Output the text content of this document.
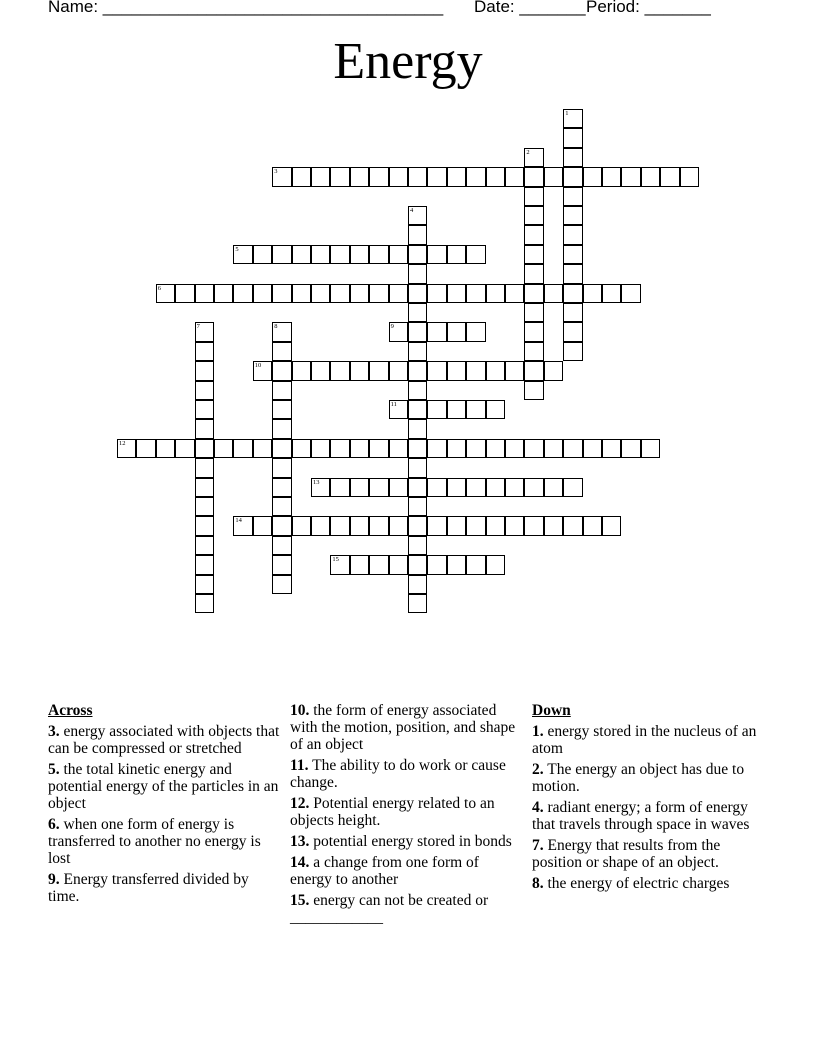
Name: ____________________________________ Date: _______ Period: _______
Energy
1
2
3
4
5
6
7	8	9
10
11
12
13
14
15
Across
3. energy associated with objects that can be compressed or stretched
5. the total kinetic energy and potential energy of the particles in an object
6. when one form of energy is transferred to another no energy is lost
9. Energy transferred divided by time.
10. the form of energy associated with the motion, position, and shape of an object
11. The ability to do work or cause change.
12. Potential energy related to an objects height.
13. potential energy stored in bonds
14. a change from one form of energy to another
15. energy can not be created or ____________
Down
1. energy stored in the nucleus of an atom
2. The energy an object has due to motion.
4. radiant energy; a form of energy that travels through space in waves
7. Energy that results from the position or shape of an object.
8. the energy of electric charges
